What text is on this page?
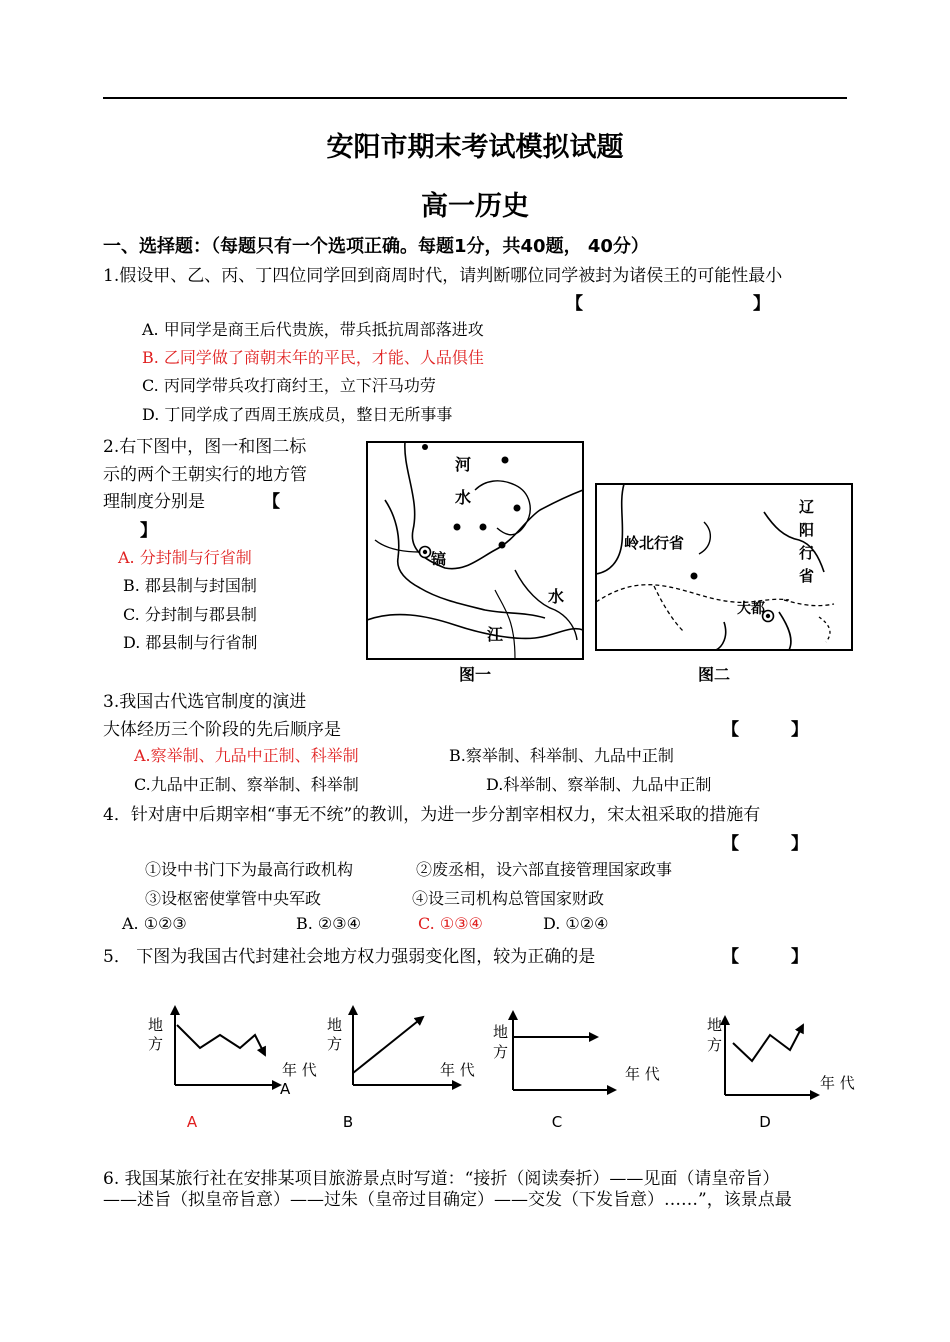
安阳市期末考试模拟试题
高一历史
一、选择题：（每题只有一个选项正确。每题1分，共40题， 40分）
1.假设甲、乙、丙、丁四位同学回到商周时代，请判断哪位同学被封为诸侯王的可能性最小
【	】
A. 甲同学是商王后代贵族，带兵抵抗周部落进攻
B. 乙同学做了商朝末年的平民，才能、人品俱佳
C. 丙同学带兵攻打商纣王，立下汗马功劳
D. 丁同学成了西周王族成员，整日无所事事
2.右下图中，图一和图二标
示的两个王朝实行的地方管
理制度分别是	【
】
A. 分封制与行省制
B. 郡县制与封国制
C. 分封制与郡县制
D. 郡县制与行省制
河
水
镐
水
江
图一
岭北行省
辽
阳
行
省
大都
图二
3.我国古代选官制度的演进
大体经历三个阶段的先后顺序是	【	】
A.察举制、九品中正制、科举制	B.察举制、科举制、九品中正制
C.九品中正制、察举制、科举制	D.科举制、察举制、九品中正制
4．针对唐中后期宰相“事无不统”的教训，为进一步分割宰相权力，宋太祖采取的措施有
【	】
①设中书门下为最高行政机构	②废丞相，设六部直接管理国家政事
③设枢密使掌管中央军政	④设三司机构总管国家财政
A. ①②③	B. ②③④	C. ①③④	D. ①②④
5． 下图为我国古代封建社会地方权力强弱变化图，较为正确的是	【	】
地
方
年 代
A
A
地
方
年 代
B
地
方
年 代
C
地
方
年 代
D
6. 我国某旅行社在安排某项目旅游景点时写道：“接折（阅读奏折）——见面（请皇帝旨）
——述旨（拟皇帝旨意）——过朱（皇帝过目确定）——交发（下发旨意）……”，该景点最
